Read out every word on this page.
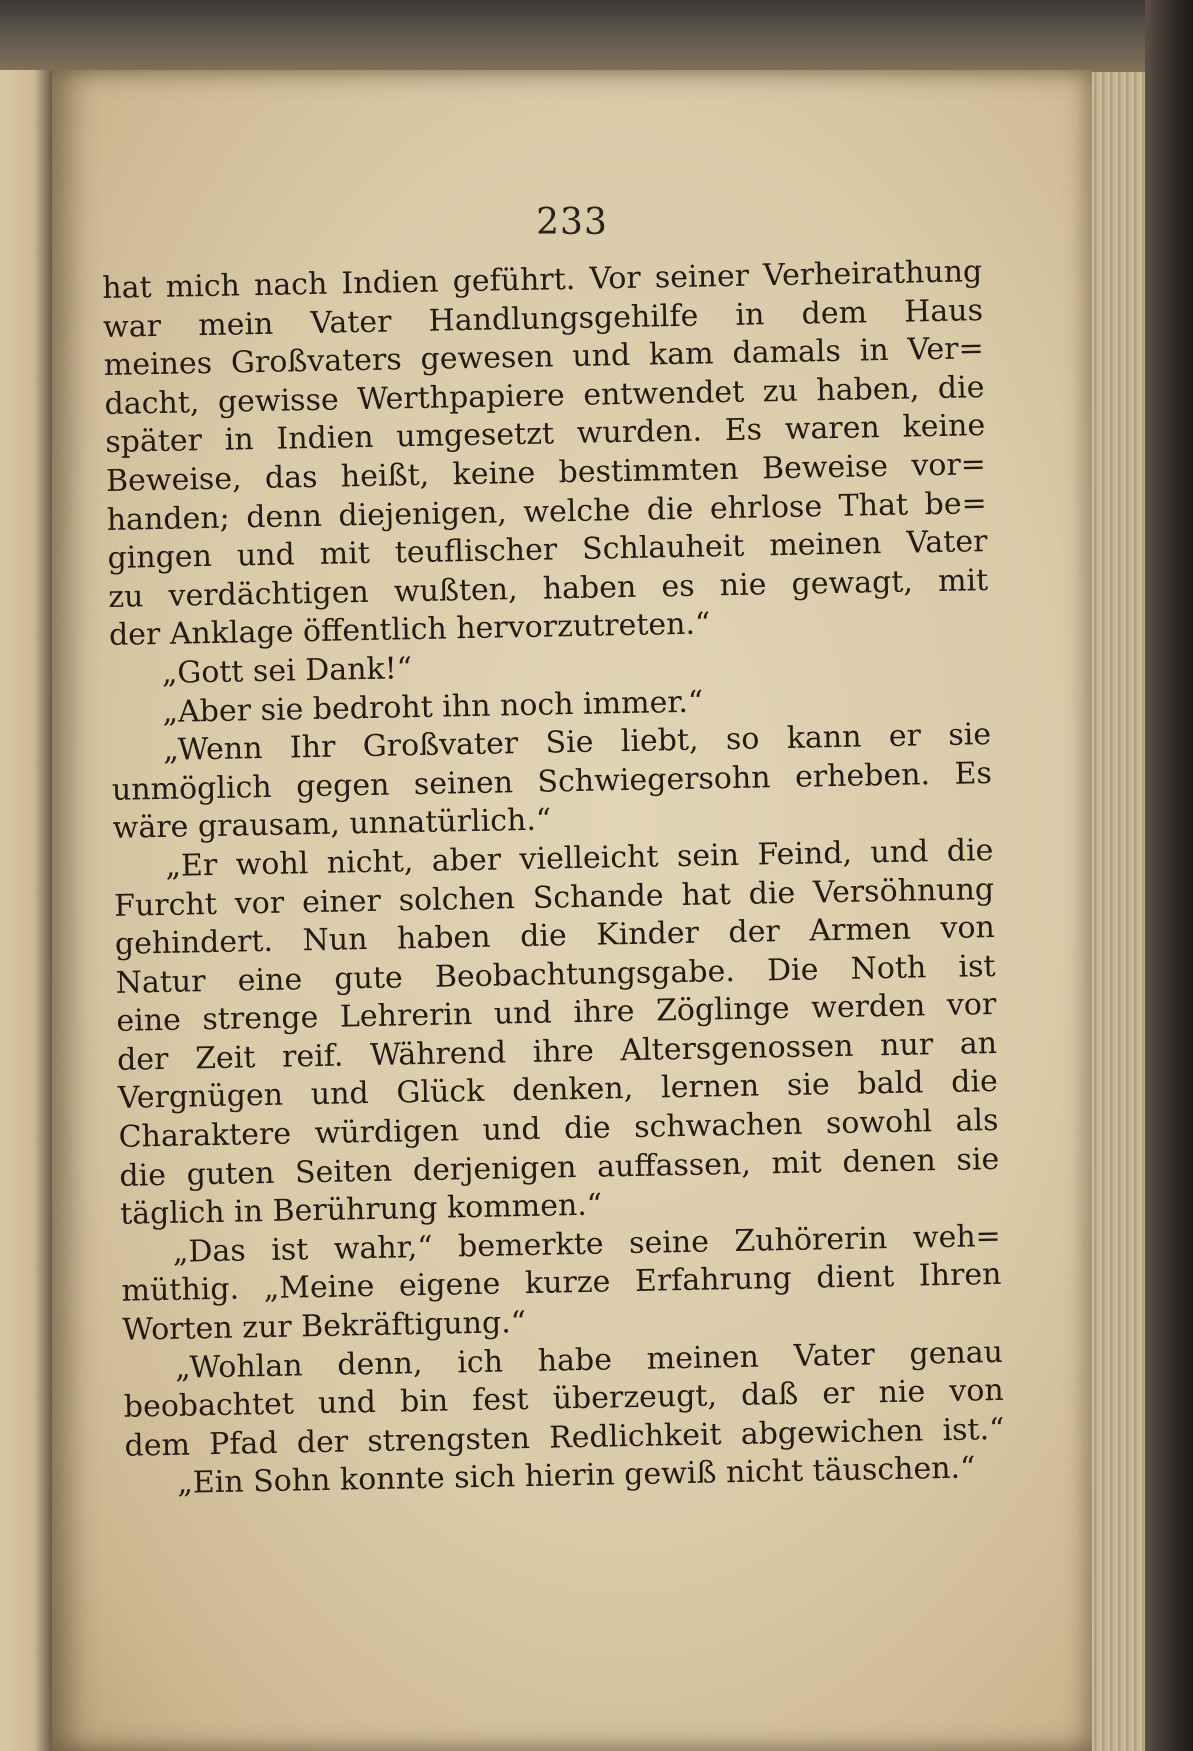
233
hat mich nach Indien geführt. Vor seiner Verheirathung
war mein Vater Handlungsgehilfe in dem Haus
meines Großvaters gewesen und kam damals in Ver=
dacht, gewisse Werthpapiere entwendet zu haben, die
später in Indien umgesetzt wurden. Es waren keine
Beweise, das heißt, keine bestimmten Beweise vor=
handen; denn diejenigen, welche die ehrlose That be=
gingen und mit teuflischer Schlauheit meinen Vater
zu verdächtigen wußten, haben es nie gewagt, mit
der Anklage öffentlich hervorzutreten.“
„Gott sei Dank!“
„Aber sie bedroht ihn noch immer.“
„Wenn Ihr Großvater Sie liebt, so kann er sie
unmöglich gegen seinen Schwiegersohn erheben. Es
wäre grausam, unnatürlich.“
„Er wohl nicht, aber vielleicht sein Feind, und die
Furcht vor einer solchen Schande hat die Versöhnung
gehindert. Nun haben die Kinder der Armen von
Natur eine gute Beobachtungsgabe. Die Noth ist
eine strenge Lehrerin und ihre Zöglinge werden vor
der Zeit reif. Während ihre Altersgenossen nur an
Vergnügen und Glück denken, lernen sie bald die
Charaktere würdigen und die schwachen sowohl als
die guten Seiten derjenigen auffassen, mit denen sie
täglich in Berührung kommen.“
„Das ist wahr,“ bemerkte seine Zuhörerin weh=
müthig. „Meine eigene kurze Erfahrung dient Ihren
Worten zur Bekräftigung.“
„Wohlan denn, ich habe meinen Vater genau
beobachtet und bin fest überzeugt, daß er nie von
dem Pfad der strengsten Redlichkeit abgewichen ist.“
„Ein Sohn konnte sich hierin gewiß nicht täuschen.“
